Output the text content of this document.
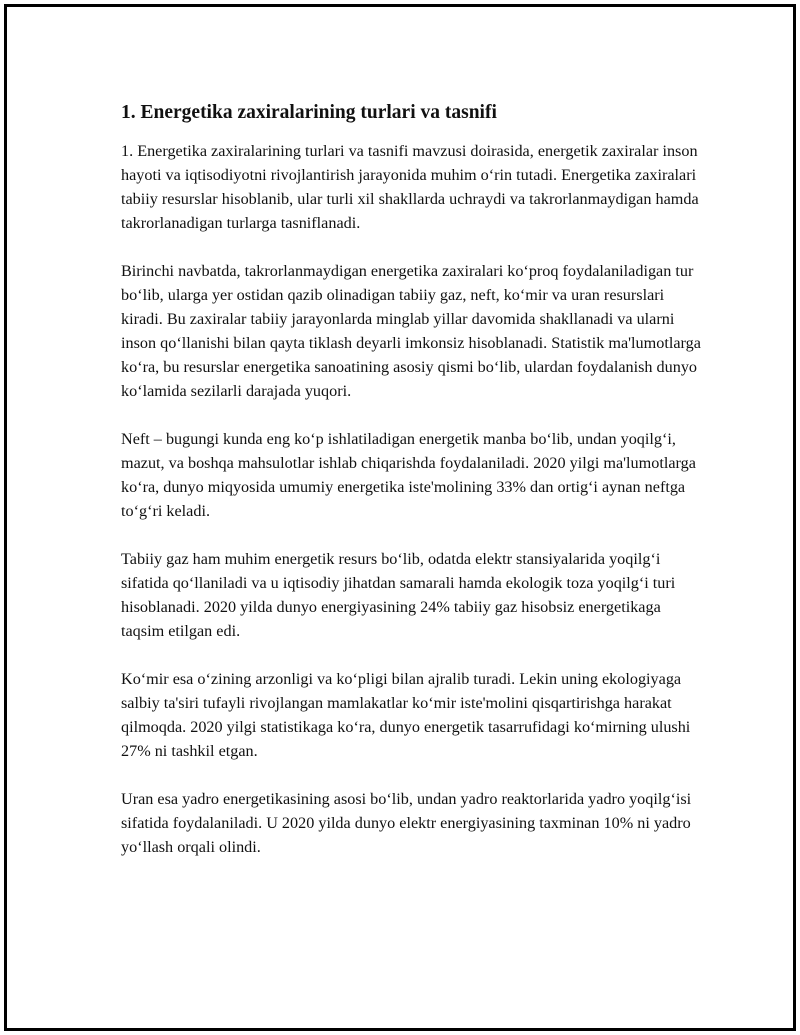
1. Energetika zaxiralarining turlari va tasnifi

1. Energetika zaxiralarining turlari va tasnifi mavzusi doirasida, energetik zaxiralar inson hayoti va iqtisodiyotni rivojlantirish jarayonida muhim o‘rin tutadi. Energetika zaxiralari tabiiy resurslar hisoblanib, ular turli xil shakllarda uchraydi va takrorlanmaydigan hamda takrorlanadigan turlarga tasniflanadi.

Birinchi navbatda, takrorlanmaydigan energetika zaxiralari ko‘proq foydalaniladigan tur bo‘lib, ularga yer ostidan qazib olinadigan tabiiy gaz, neft, ko‘mir va uran resurslari kiradi. Bu zaxiralar tabiiy jarayonlarda minglab yillar davomida shakllanadi va ularni inson qo‘llanishi bilan qayta tiklash deyarli imkonsiz hisoblanadi. Statistik ma'lumotlarga ko‘ra, bu resurslar energetika sanoatining asosiy qismi bo‘lib, ulardan foydalanish dunyo ko‘lamida sezilarli darajada yuqori.

Neft – bugungi kunda eng ko‘p ishlatiladigan energetik manba bo‘lib, undan yoqilg‘i, mazut, va boshqa mahsulotlar ishlab chiqarishda foydalaniladi. 2020 yilgi ma'lumotlarga ko‘ra, dunyo miqyosida umumiy energetika iste'molining 33% dan ortig‘i aynan neftga to‘g‘ri keladi.

Tabiiy gaz ham muhim energetik resurs bo‘lib, odatda elektr stansiyalarida yoqilg‘i sifatida qo‘llaniladi va u iqtisodiy jihatdan samarali hamda ekologik toza yoqilg‘i turi hisoblanadi. 2020 yilda dunyo energiyasining 24% tabiiy gaz hisobsiz energetikaga taqsim etilgan edi.

Ko‘mir esa o‘zining arzonligi va ko‘pligi bilan ajralib turadi. Lekin uning ekologiyaga salbiy ta'siri tufayli rivojlangan mamlakatlar ko‘mir iste'molini qisqartirishga harakat qilmoqda. 2020 yilgi statistikaga ko‘ra, dunyo energetik tasarrufidagi ko‘mirning ulushi 27% ni tashkil etgan.

Uran esa yadro energetikasining asosi bo‘lib, undan yadro reaktorlarida yadro yoqilg‘isi sifatida foydalaniladi. U 2020 yilda dunyo elektr energiyasining taxminan 10% ni yadro yo‘llash orqali olindi.
